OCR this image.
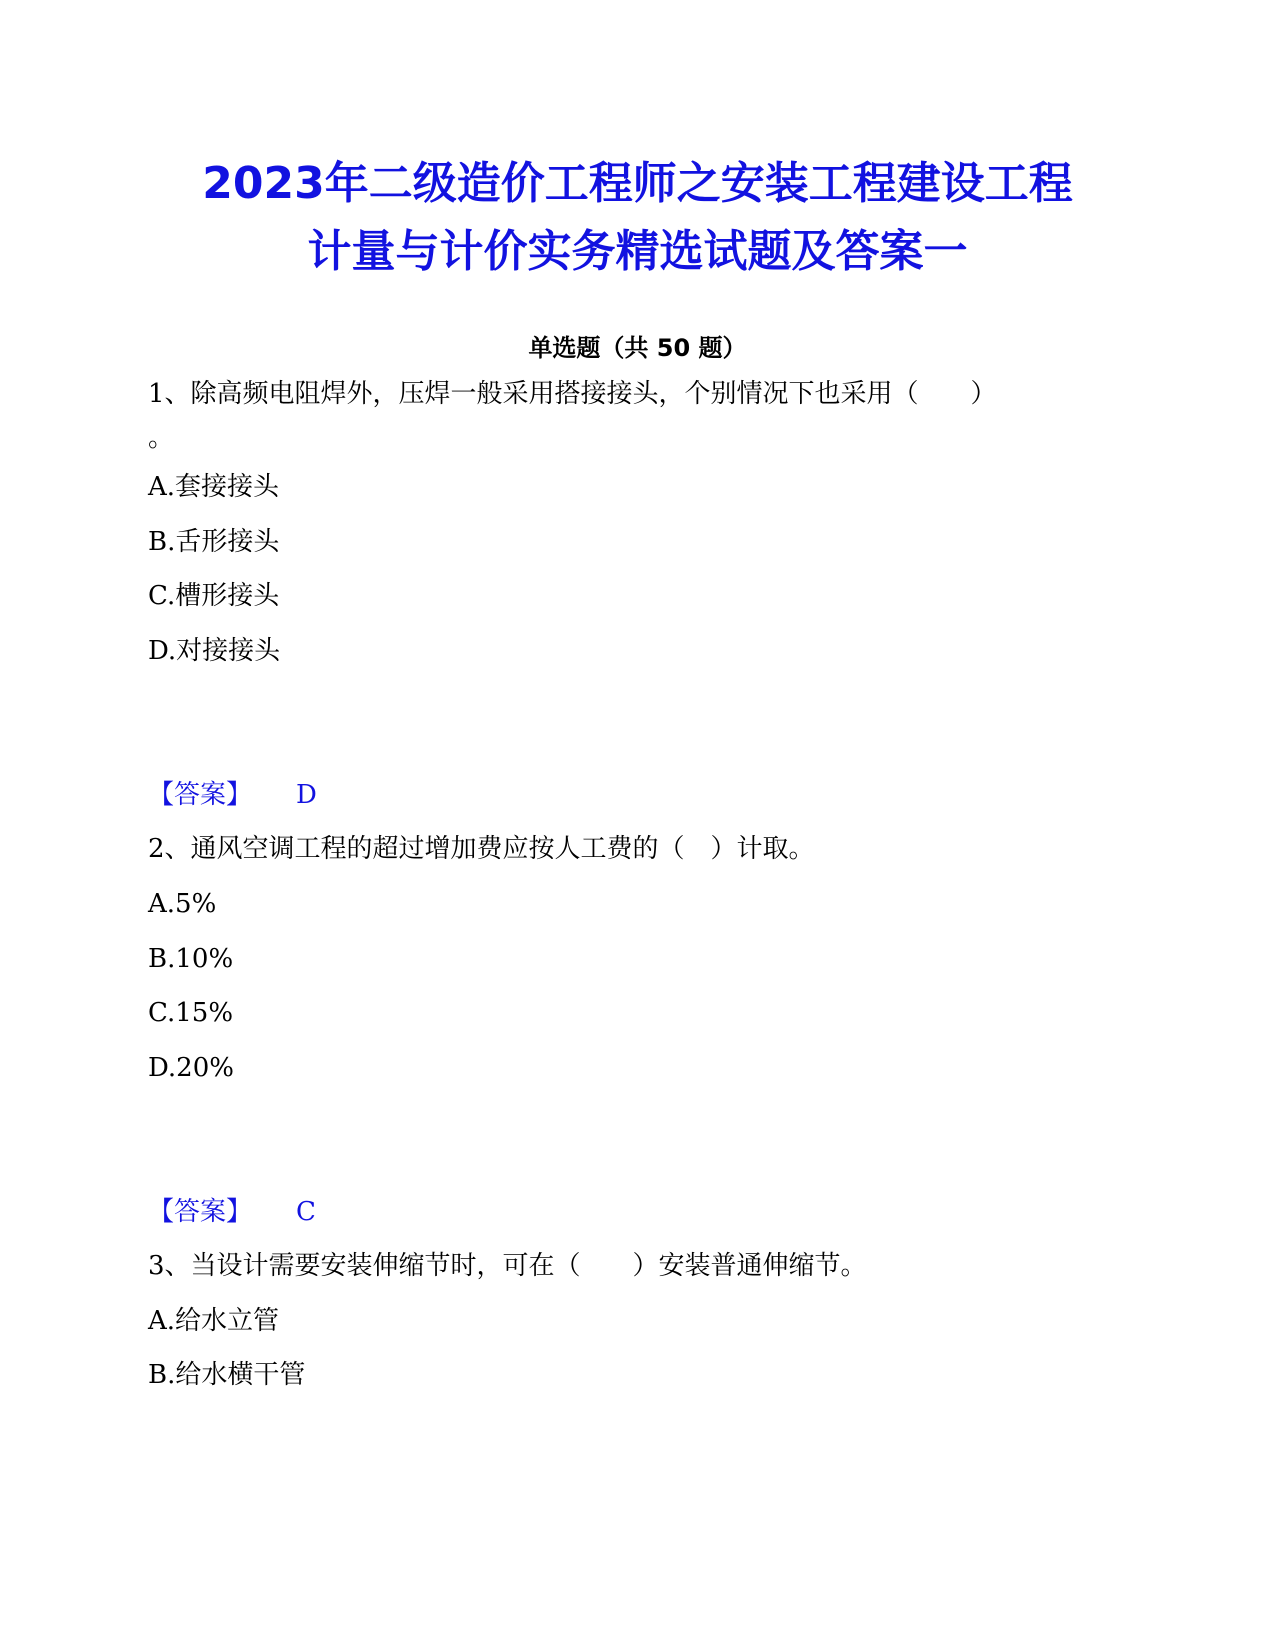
2023年二级造价工程师之安装工程建设工程
计量与计价实务精选试题及答案一
单选题（共 50 题）
1、除高频电阻焊外，压焊一般采用搭接接头，个别情况下也采用（　　）
。
A.套接接头
B.舌形接头
C.槽形接头
D.对接接头
【答案】 D
2、通风空调工程的超过增加费应按人工费的（　）计取。
A.5%
B.10%
C.15%
D.20%
【答案】 C
3、当设计需要安装伸缩节时，可在（　　）安装普通伸缩节。
A.给水立管
B.给水横干管
